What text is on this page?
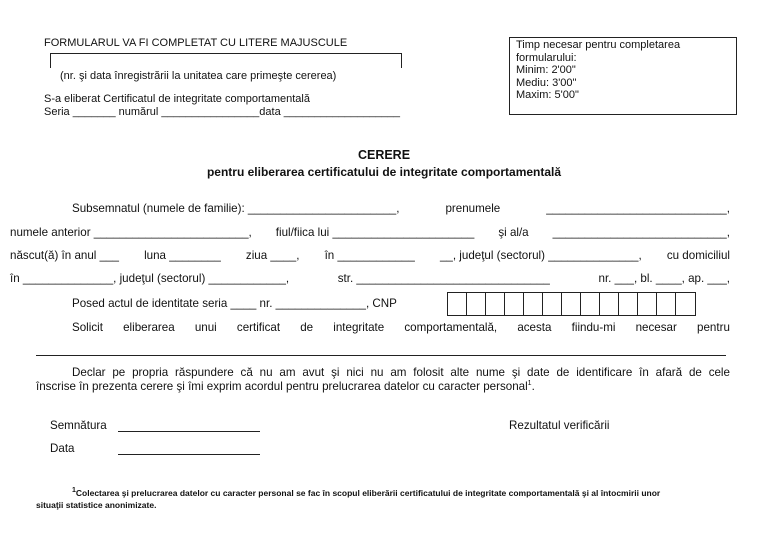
FORMULARUL VA FI COMPLETAT CU LITERE MAJUSCULE
(nr. şi data înregistrării la unitatea care primeşte cererea)
S-a eliberat Certificatul de integritate comportamentală
Seria _______ numărul ________________data ___________________
Timp necesar pentru completarea
formularului:
Minim: 2'00"
Mediu: 3'00"
Maxim: 5'00"
CERERE
pentru eliberarea certificatului de integritate comportamentală
Subsemnatul (numele de familie): _______________________,	prenumele	____________________________,
numele anterior ________________________, fiul/fiica lui ______________________ şi al/a ___________________________,
născut(ă) în anul ___ luna ________ ziua ____, în ____________ __, judeţul (sectorul) ______________, cu domiciliul
în ______________, judeţul (sectorul) ____________,	str. ______________________________	nr. ___, bl. ____, ap. ___,
Posed actul de identitate seria ____ nr. ______________, CNP
Solicit eliberarea unui certificat de integritate comportamentală, acesta fiindu-mi necesar pentru
Declar pe propria răspundere că nu am avut şi nici nu am folosit alte nume şi date de identificare în afară de cele
înscrise în prezenta cerere şi îmi exprim acordul pentru prelucrarea datelor cu caracter personal$^1$.
Semnătura
Data
Rezultatul verificării
$^1$Colectarea şi prelucrarea datelor cu caracter personal se fac în scopul eliberării certificatului de integritate comportamentală şi al întocmirii unor
situaţii statistice anonimizate.
